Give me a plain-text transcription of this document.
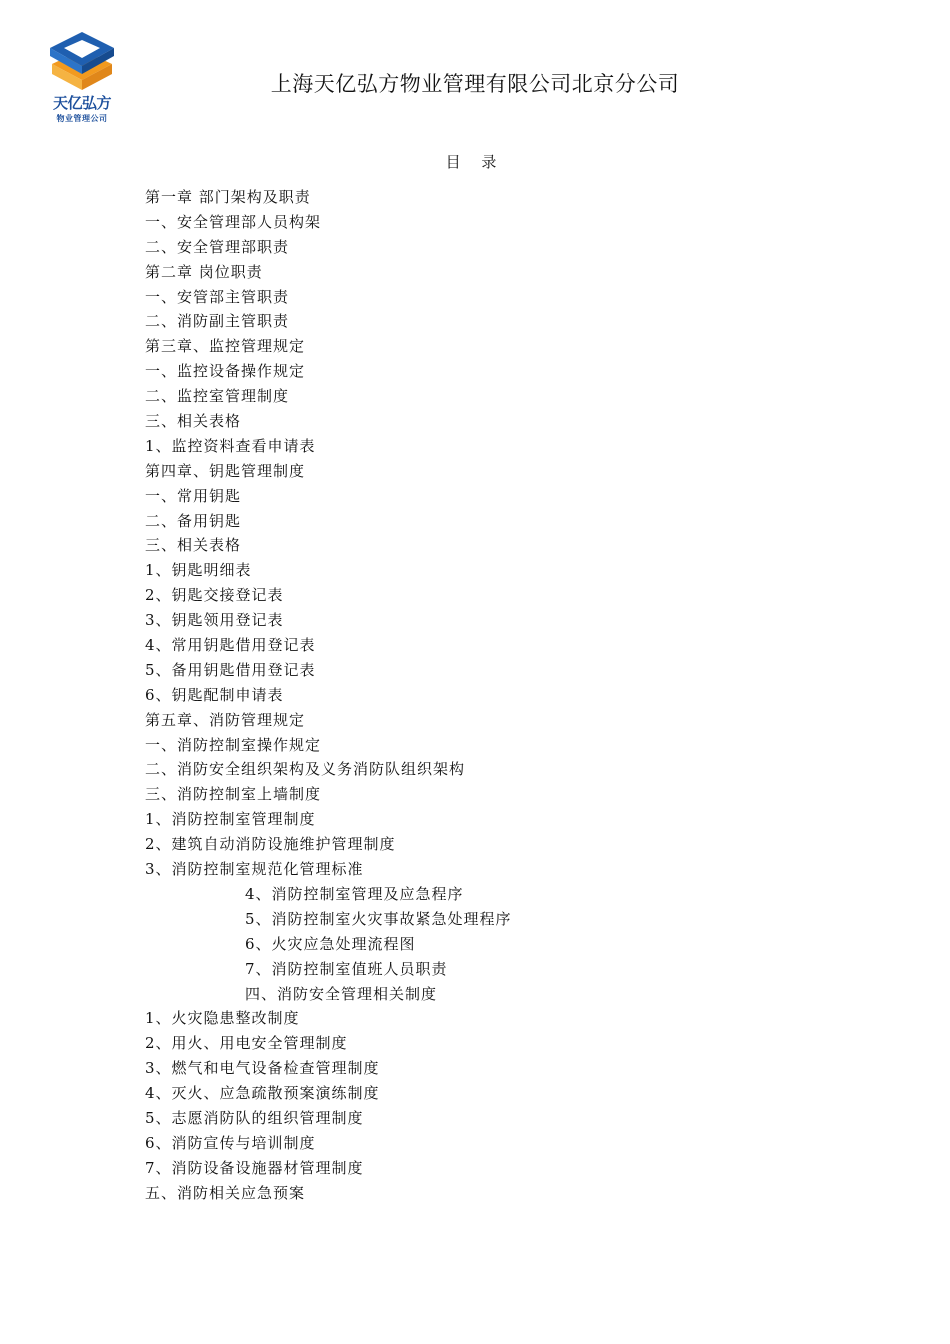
天亿弘方
物业管理公司
上海天亿弘方物业管理有限公司北京分公司
目 录
第一章 部门架构及职责
一、安全管理部人员构架
二、安全管理部职责
第二章 岗位职责
一、安管部主管职责
二、消防副主管职责
第三章、监控管理规定
一、监控设备操作规定
二、监控室管理制度
三、相关表格
1、监控资料查看申请表
第四章、钥匙管理制度
一、常用钥匙
二、备用钥匙
三、相关表格
1、钥匙明细表
2、钥匙交接登记表
3、钥匙领用登记表
4、常用钥匙借用登记表
5、备用钥匙借用登记表
6、钥匙配制申请表
第五章、消防管理规定
一、消防控制室操作规定
二、消防安全组织架构及义务消防队组织架构
三、消防控制室上墙制度
1、消防控制室管理制度
2、建筑自动消防设施维护管理制度
3、消防控制室规范化管理标准
4、消防控制室管理及应急程序
5、消防控制室火灾事故紧急处理程序
6、火灾应急处理流程图
7、消防控制室值班人员职责
四、消防安全管理相关制度
1、火灾隐患整改制度
2、用火、用电安全管理制度
3、燃气和电气设备检查管理制度
4、灭火、应急疏散预案演练制度
5、志愿消防队的组织管理制度
6、消防宣传与培训制度
7、消防设备设施器材管理制度
五、消防相关应急预案
